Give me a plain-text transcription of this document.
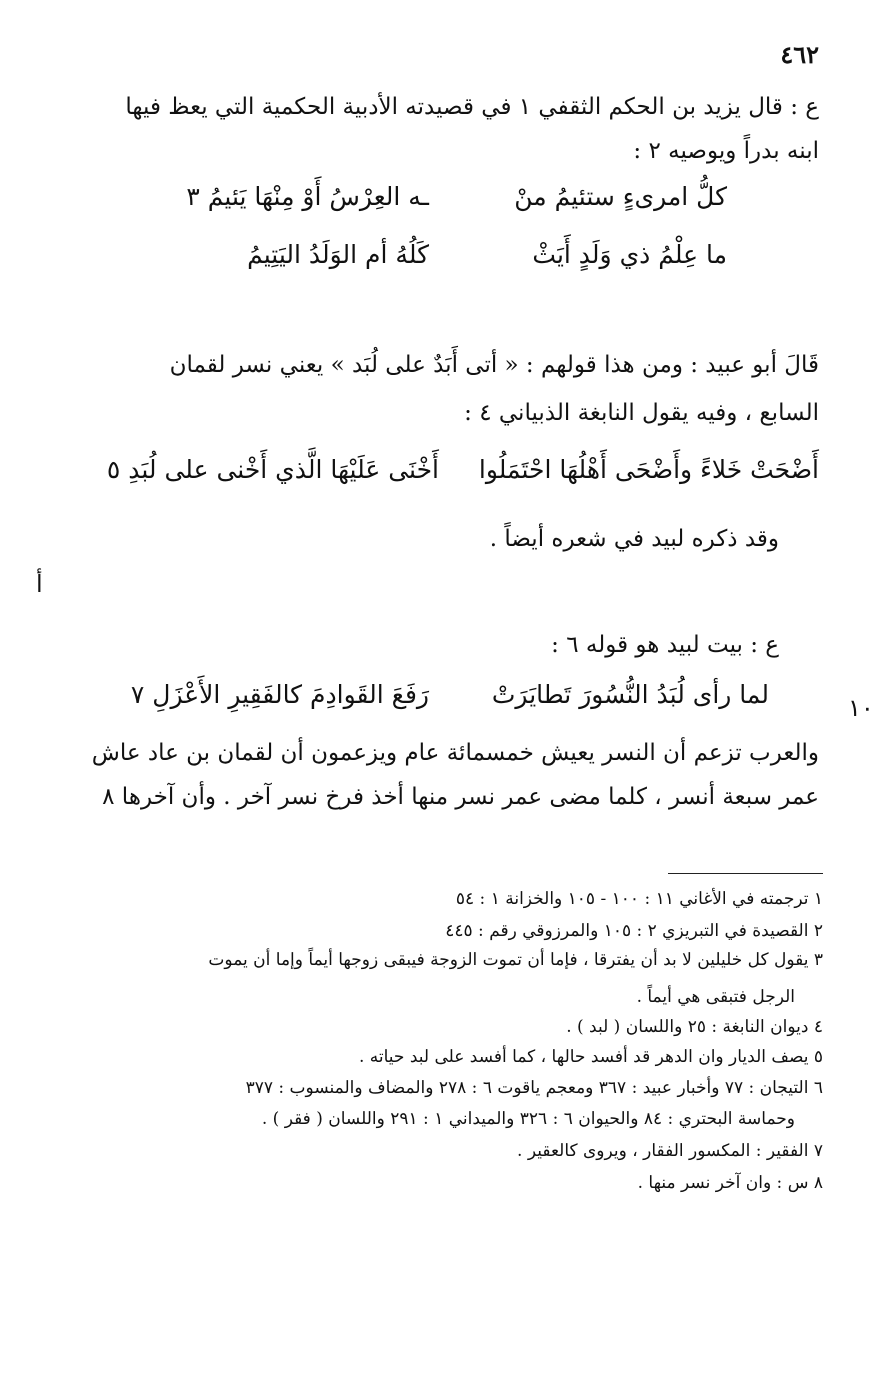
٤٦٢
ع : قال يزيد بن الحكم الثقفي ١ في قصيدته الأدبية الحكمية التي يعظ فيها
ابنه بدراً ويوصيه ٢ :
كلُّ امرىءٍ ستئيمُ منْ
ـه العِرْسُ أَوْ مِنْهَا يَئيمُ ٣
ما عِلْمُ ذي وَلَدٍ أَيَثْ
كَلُهُ أم الوَلَدُ اليَتِيمُ
قَالَ أبو عبيد : ومن هذا قولهم : « أتى أَبَدٌ على لُبَد » يعني نسر لقمان
السابع ، وفيه يقول النابغة الذبياني ٤ :
أَضْحَتْ خَلاءً وأَضْحَى أَهْلُهَا احْتَمَلُوا
أَخْنَى عَلَيْهَا الَّذي أَخْنى على لُبَدِ ٥
وقد ذكره لبيد في شعره أيضاً .
أ
ع : بيت لبيد هو قوله ٦ :
لما رأى لُبَدُ النُّسُورَ تَطايَرَتْ
رَفَعَ القَوادِمَ كالفَقِيرِ الأَعْزَلِ ٧	١٠
والعرب تزعم أن النسر يعيش خمسمائة عام ويزعمون أن لقمان بن عاد عاش
عمر سبعة أنسر ، كلما مضى عمر نسر منها أخذ فرخ نسر آخر . وأن آخرها ٨
١ ترجمته في الأغاني ١١ : ١٠٠ - ١٠٥ والخزانة ١ : ٥٤
٢ القصيدة في التبريزي ٢ : ١٠٥ والمرزوقي رقم : ٤٤٥
٣ يقول كل خليلين لا بد أن يفترقا ، فإما أن تموت الزوجة فيبقى زوجها أيماً وإما أن يموت
الرجل فتبقى هي أيماً .
٤ ديوان النابغة : ٢٥ واللسان ( لبد ) .
٥ يصف الديار وان الدهر قد أفسد حالها ، كما أفسد على لبد حياته .
٦ التيجان : ٧٧ وأخبار عبيد : ٣٦٧ ومعجم ياقوت ٦ : ٢٧٨ والمضاف والمنسوب : ٣٧٧
وحماسة البحتري : ٨٤ والحيوان ٦ : ٣٢٦ والميداني ١ : ٢٩١ واللسان ( فقر ) .
٧ الفقير : المكسور الفقار ، ويروى كالعقير .
٨ س : وان آخر نسر منها .
